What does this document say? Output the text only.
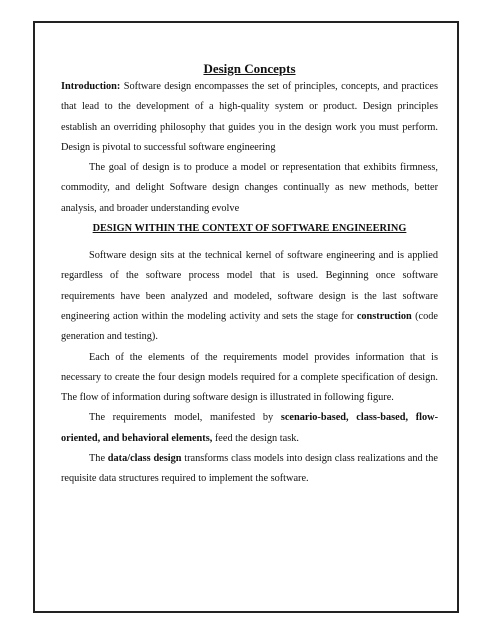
Design Concepts

Introduction: Software design encompasses the set of principles, concepts, and practices that lead to the development of a high-quality system or product. Design principles establish an overriding philosophy that guides you in the design work you must perform. Design is pivotal to successful software engineering

The goal of design is to produce a model or representation that exhibits firmness, commodity, and delight Software design changes continually as new methods, better analysis, and broader understanding evolve

DESIGN WITHIN THE CONTEXT OF SOFTWARE ENGINEERING

Software design sits at the technical kernel of software engineering and is applied regardless of the software process model that is used. Beginning once software requirements have been analyzed and modeled, software design is the last software engineering action within the modeling activity and sets the stage for construction (code generation and testing).

Each of the elements of the requirements model provides information that is necessary to create the four design models required for a complete specification of design. The flow of information during software design is illustrated in following figure.

The requirements model, manifested by scenario-based, class-based, flow-oriented, and behavioral elements, feed the design task.

The data/class design transforms class models into design class realizations and the requisite data structures required to implement the software.
